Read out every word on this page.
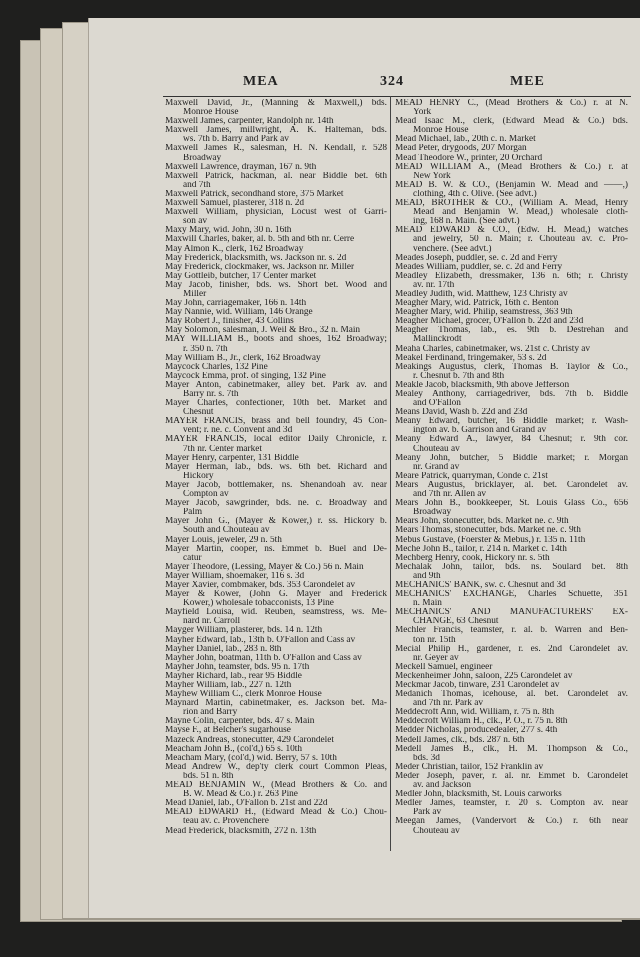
MEA	324	MEE
Maxwell David, Jr., (Manning & Maxwell,) bds.
Monroe House
Maxwell James, carpenter, Randolph nr. 14th
Maxwell James, millwright, A. K. Halteman, bds.
ws. 7th b. Barry and Park av
Maxwell James R., salesman, H. N. Kendall, r. 528
Broadway
Maxwell Lawrence, drayman, 167 n. 9th
Maxwell Patrick, hackman, al. near Biddle bet. 6th
and 7th
Maxwell Patrick, secondhand store, 375 Market
Maxwell Samuel, plasterer, 318 n. 2d
Maxwell William, physician, Locust west of Garri-
son av
Maxy Mary, wid. John, 30 n. 16th
Maxwill Charles, baker, al. b. 5th and 6th nr. Cerre
May Almon K., clerk, 162 Broadway
May Frederick, blacksmith, ws. Jackson nr. s. 2d
May Frederick, clockmaker, ws. Jackson nr. Miller
May Gottleib, butcher, 17 Center market
May Jacob, finisher, bds. ws. Short bet. Wood and
Miller
May John, carriagemaker, 166 n. 14th
May Nannie, wid. William, 146 Orange
May Robert J., finisher, 43 Collins
May Solomon, salesman, J. Weil & Bro., 32 n. Main
MAY WILLIAM B., boots and shoes, 162 Broadway;
r. 350 n. 7th
May William B., Jr., clerk, 162 Broadway
Maycock Charles, 132 Pine
Maycock Emma, prof. of singing, 132 Pine
Mayer Anton, cabinetmaker, alley bet. Park av. and
Barry nr. s. 7th
Mayer Charles, confectioner, 10th bet. Market and
Chesnut
MAYER FRANCIS, brass and bell foundry, 45 Con-
vent; r. ne. c. Convent and 3d
MAYER FRANCIS, local editor Daily Chronicle, r.
7th nr. Center market
Mayer Henry, carpenter, 131 Biddle
Mayer Herman, lab., bds. ws. 6th bet. Richard and
Hickory
Mayer Jacob, bottlemaker, ns. Shenandoah av. near
Compton av
Mayer Jacob, sawgrinder, bds. ne. c. Broadway and
Palm
Mayer John G., (Mayer & Kower,) r. ss. Hickory b.
South and Chouteau av
Mayer Louis, jeweler, 29 n. 5th
Mayer Martin, cooper, ns. Emmet b. Buel and De-
catur
Mayer Theodore, (Lessing, Mayer & Co.) 56 n. Main
Mayer William, shoemaker, 116 s. 3d
Mayer Xavier, combmaker, bds. 353 Carondelet av
Mayer & Kower, (John G. Mayer and Frederick
Kower,) wholesale tobacconists, 13 Pine
Mayfield Louisa, wid. Reuben, seamstress, ws. Me-
nard nr. Carroll
Mayger William, plasterer, bds. 14 n. 12th
Mayher Edward, lab., 13th b. O'Fallon and Cass av
Mayher Daniel, lab., 283 n. 8th
Mayher John, boatman, 11th b. O'Fallon and Cass av
Mayher John, teamster, bds. 95 n. 17th
Mayher Richard, lab., rear 95 Biddle
Mayher William, lab., 227 n. 12th
Mayhew William C., clerk Monroe House
Maynard Martin, cabinetmaker, es. Jackson bet. Ma-
rion and Barry
Mayne Colin, carpenter, bds. 47 s. Main
Mayse F., at Belcher's sugarhouse
Mazeck Andreas, stonecutter, 429 Carondelet
Meacham John B., (col'd,) 65 s. 10th
Meacham Mary, (col'd,) wid. Berry, 57 s. 10th
Mead Andrew W., dep'ty clerk court Common Pleas,
bds. 51 n. 8th
MEAD BENJAMIN W., (Mead Brothers & Co. and
B. W. Mead & Co.) r. 263 Pine
Mead Daniel, lab., O'Fallon b. 21st and 22d
MEAD EDWARD H., (Edward Mead & Co.) Chou-
teau av. c. Provenchere
Mead Frederick, blacksmith, 272 n. 13th
MEAD HENRY C., (Mead Brothers & Co.) r. at N.
York
Mead Isaac M., clerk, (Edward Mead & Co.) bds.
Monroe House
Mead Michael, lab., 20th c. n. Market
Mead Peter, drygoods, 207 Morgan
Mead Theodore W., printer, 20 Orchard
MEAD WILLIAM A., (Mead Brothers & Co.) r. at
New York
MEAD B. W. & CO., (Benjamin W. Mead and ——,)
clothing, 4th c. Olive. (See advt.)
MEAD, BROTHER & CO., (William A. Mead, Henry
Mead and Benjamin W. Mead,) wholesale cloth-
ing, 168 n. Main. (See advt.)
MEAD EDWARD & CO., (Edw. H. Mead,) watches
and jewelry, 50 n. Main; r. Chouteau av. c. Pro-
venchere. (See advt.)
Meades Joseph, puddler, se. c. 2d and Ferry
Meades William, puddler, se. c. 2d and Ferry
Meadley Elizabeth, dressmaker, 136 n. 6th; r. Christy
av. nr. 17th
Meadley Judith, wid. Matthew, 123 Christy av
Meagher Mary, wid. Patrick, 16th c. Benton
Meagher Mary, wid. Philip, seamstress, 363 9th
Meagher Michael, grocer, O'Fallon b. 22d and 23d
Meagher Thomas, lab., es. 9th b. Destrehan and
Mallinckrodt
Meaha Charles, cabinetmaker, ws. 21st c. Christy av
Meakel Ferdinand, fringemaker, 53 s. 2d
Meakings Augustus, clerk, Thomas B. Taylor & Co.,
r. Chesnut b. 7th and 8th
Meakle Jacob, blacksmith, 9th above Jefferson
Mealey Anthony, carriagedriver, bds. 7th b. Biddle
and O'Fallon
Means David, Wash b. 22d and 23d
Meany Edward, butcher, 16 Biddle market; r. Wash-
ington av. b. Garrison and Grand av
Meany Edward A., lawyer, 84 Chesnut; r. 9th cor.
Chouteau av
Meany John, butcher, 5 Biddle market; r. Morgan
nr. Grand av
Meare Patrick, quarryman, Conde c. 21st
Mears Augustus, bricklayer, al. bet. Carondelet av.
and 7th nr. Allen av
Mears John B., bookkeeper, St. Louis Glass Co., 656
Broadway
Mears John, stonecutter, bds. Market ne. c. 9th
Mears Thomas, stonecutter, bds. Market ne. c. 9th
Mebus Gustave, (Foerster & Mebus,) r. 135 n. 11th
Meche John B., tailor, r. 214 n. Market c. 14th
Mechberg Henry, cook, Hickory nr. s. 5th
Mechalak John, tailor, bds. ns. Soulard bet. 8th
and 9th
MECHANICS' BANK, sw. c. Chesnut and 3d
MECHANICS' EXCHANGE, Charles Schuette, 351
n. Main
MECHANICS' AND MANUFACTURERS' EX-
CHANGE, 63 Chesnut
Mechler Francis, teamster, r. al. b. Warren and Ben-
ton nr. 15th
Mecial Philip H., gardener, r. es. 2nd Carondelet av.
nr. Geyer av
Meckell Samuel, engineer
Meckenheimer John, saloon, 225 Carondelet av
Meckmar Jacob, tinware, 231 Carondelet av
Medanich Thomas, icehouse, al. bet. Carondelet av.
and 7th nr. Park av
Meddecroft Ann, wid. William, r. 75 n. 8th
Meddecroft William H., clk., P. O., r. 75 n. 8th
Medder Nicholas, producedealer, 277 s. 4th
Medell James, clk., bds. 287 n. 6th
Medell James B., clk., H. M. Thompson & Co.,
bds. 3d
Meder Christian, tailor, 152 Franklin av
Meder Joseph, paver, r. al. nr. Emmet b. Carondelet
av. and Jackson
Medler John, blacksmith, St. Louis carworks
Medler James, teamster, r. 20 s. Compton av. near
Park av
Meegan James, (Vandervort & Co.) r. 6th near
Chouteau av
